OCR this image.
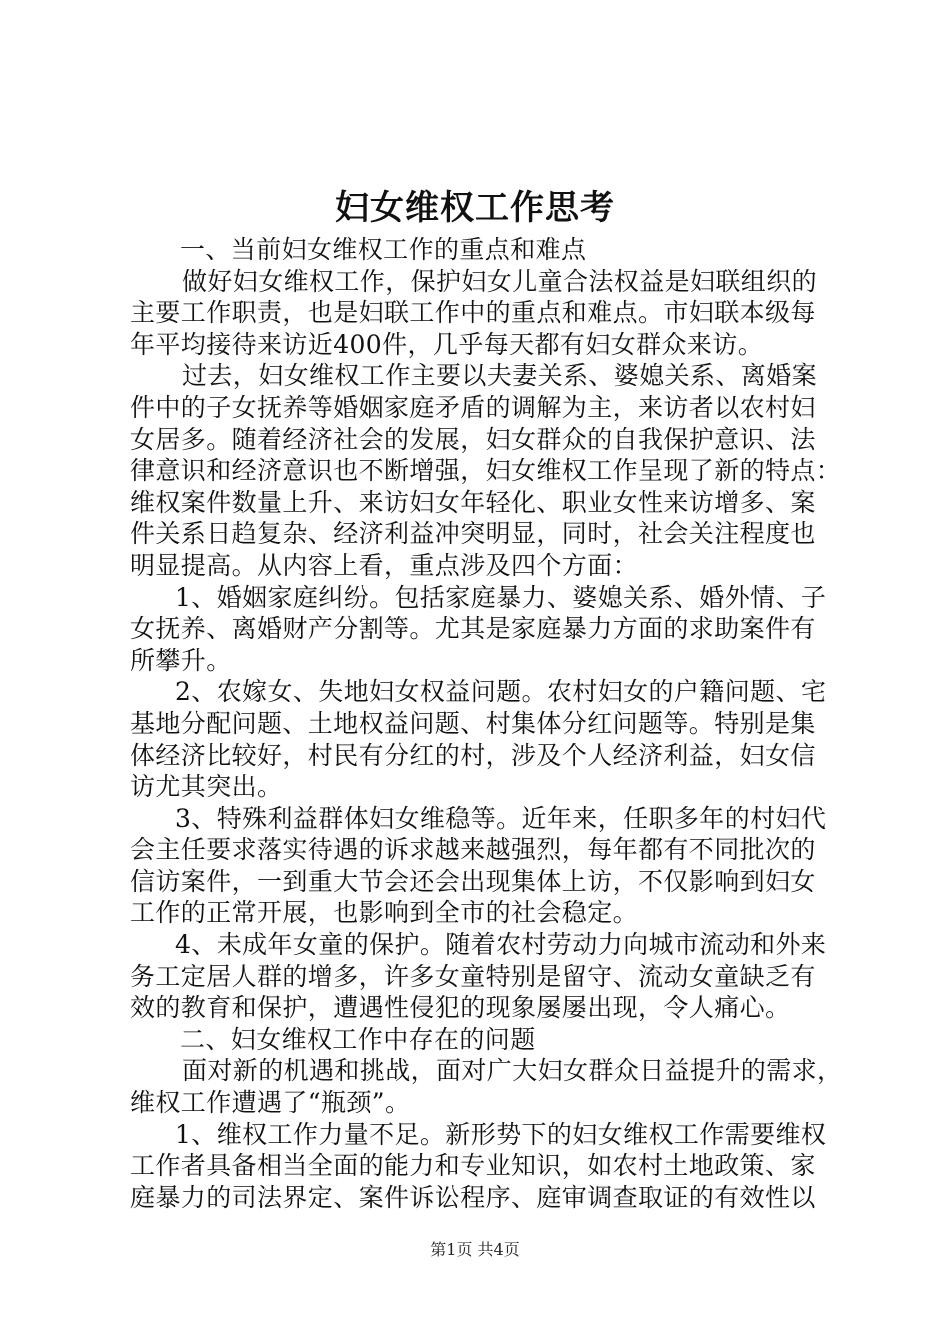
妇女维权工作思考
一、当前妇女维权工作的重点和难点
做好妇女维权工作，保护妇女儿童合法权益是妇联组织的
主要工作职责，也是妇联工作中的重点和难点。市妇联本级每
年平均接待来访近400件，几乎每天都有妇女群众来访。
过去，妇女维权工作主要以夫妻关系、婆媳关系、离婚案
件中的子女抚养等婚姻家庭矛盾的调解为主，来访者以农村妇
女居多。随着经济社会的发展，妇女群众的自我保护意识、法
律意识和经济意识也不断增强，妇女维权工作呈现了新的特点：
维权案件数量上升、来访妇女年轻化、职业女性来访增多、案
件关系日趋复杂、经济利益冲突明显，同时，社会关注程度也
明显提高。从内容上看，重点涉及四个方面：
1、婚姻家庭纠纷。包括家庭暴力、婆媳关系、婚外情、子
女抚养、离婚财产分割等。尤其是家庭暴力方面的求助案件有
所攀升。
2、农嫁女、失地妇女权益问题。农村妇女的户籍问题、宅
基地分配问题、土地权益问题、村集体分红问题等。特别是集
体经济比较好，村民有分红的村，涉及个人经济利益，妇女信
访尤其突出。
3、特殊利益群体妇女维稳等。近年来，任职多年的村妇代
会主任要求落实待遇的诉求越来越强烈，每年都有不同批次的
信访案件，一到重大节会还会出现集体上访，不仅影响到妇女
工作的正常开展，也影响到全市的社会稳定。
4、未成年女童的保护。随着农村劳动力向城市流动和外来
务工定居人群的增多，许多女童特别是留守、流动女童缺乏有
效的教育和保护，遭遇性侵犯的现象屡屡出现，令人痛心。
二、妇女维权工作中存在的问题
面对新的机遇和挑战，面对广大妇女群众日益提升的需求，
维权工作遭遇了“瓶颈”。
1、维权工作力量不足。新形势下的妇女维权工作需要维权
工作者具备相当全面的能力和专业知识，如农村土地政策、家
庭暴力的司法界定、案件诉讼程序、庭审调查取证的有效性以
第1页 共4页
